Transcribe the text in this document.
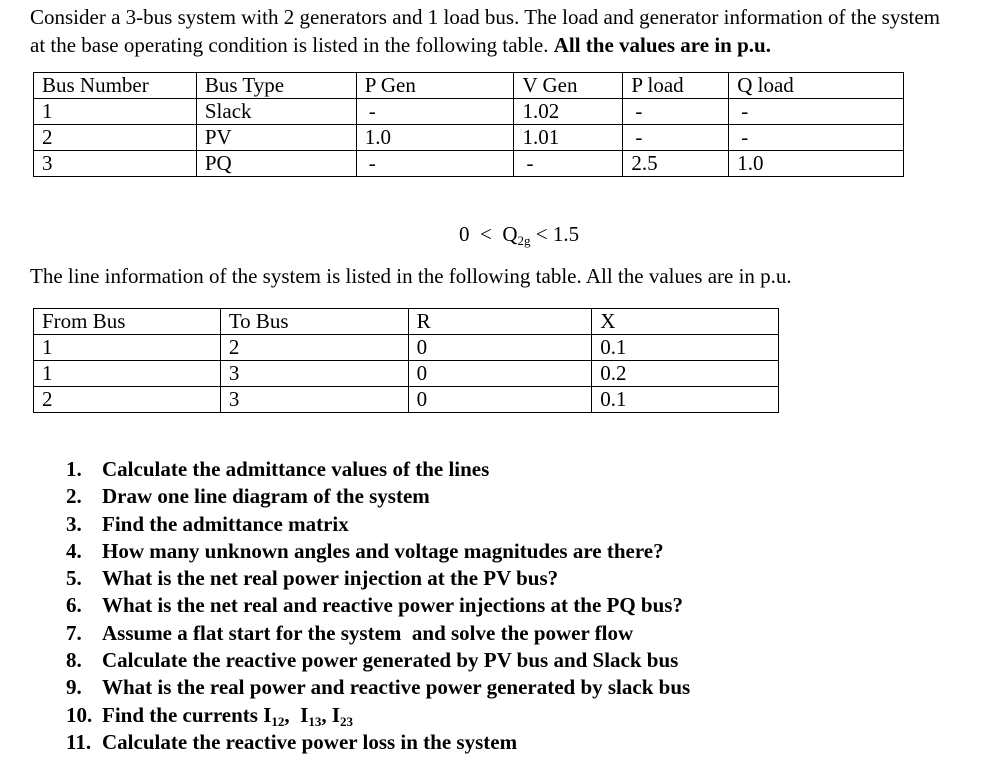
Consider a 3-bus system with 2 generators and 1 load bus. The load and generator information of the system at the base operating condition is listed in the following table. All the values are in p.u.
Bus Number	Bus Type	P Gen	V Gen	P load	Q load
1	Slack	-	1.02	-	-
2	PV	1.0	1.01	-	-
3	PQ	-	-	2.5	1.0
$0 < Q_{2g} < 1.5$
The line information of the system is listed in the following table. All the values are in p.u.
From Bus	To Bus	R	X
1	2	0	0.1
1	3	0	0.2
2	3	0	0.1
1. Calculate the admittance values of the lines
2. Draw one line diagram of the system
3. Find the admittance matrix
4. How many unknown angles and voltage magnitudes are there?
5. What is the net real power injection at the PV bus?
6. What is the net real and reactive power injections at the PQ bus?
7. Assume a flat start for the system  and solve the power flow
8. Calculate the reactive power generated by PV bus and Slack bus
9. What is the real power and reactive power generated by slack bus
10. Find the currents $I_{12}$,  $I_{13}$, $I_{23}$
11. Calculate the reactive power loss in the system
